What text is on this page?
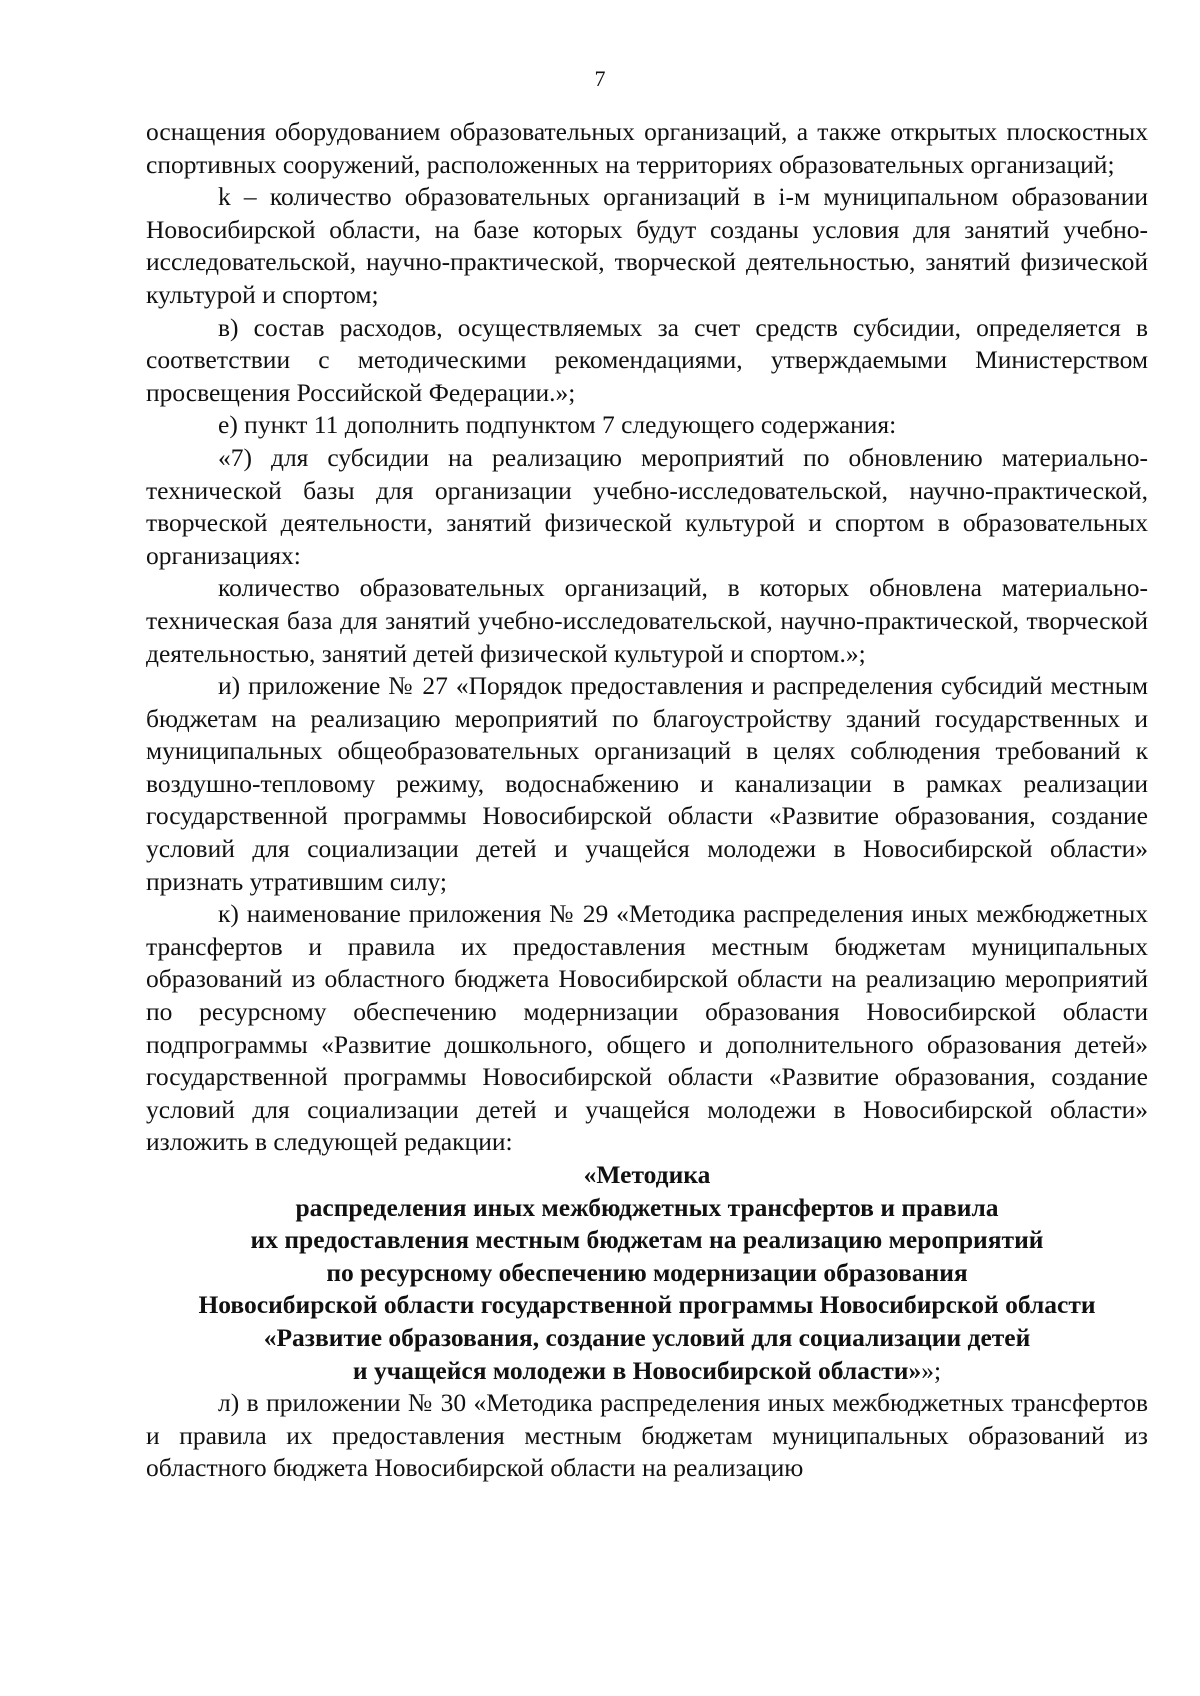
7

оснащения оборудованием образовательных организаций, а также открытых плоскостных спортивных сооружений, расположенных на территориях образовательных организаций;

k – количество образовательных организаций в i-м муниципальном образовании Новосибирской области, на базе которых будут созданы условия для занятий учебно-исследовательской, научно-практической, творческой деятельностью, занятий физической культурой и спортом;

в) состав расходов, осуществляемых за счет средств субсидии, определяется в соответствии с методическими рекомендациями, утверждаемыми Министерством просвещения Российской Федерации.»;

е) пункт 11 дополнить подпунктом 7 следующего содержания:

«7) для субсидии на реализацию мероприятий по обновлению материально-технической базы для организации учебно-исследовательской, научно-практической, творческой деятельности, занятий физической культурой и спортом в образовательных организациях:

количество образовательных организаций, в которых обновлена материально-техническая база для занятий учебно-исследовательской, научно-практической, творческой деятельностью, занятий детей физической культурой и спортом.»;

и) приложение № 27 «Порядок предоставления и распределения субсидий местным бюджетам на реализацию мероприятий по благоустройству зданий государственных и муниципальных общеобразовательных организаций в целях соблюдения требований к воздушно-тепловому режиму, водоснабжению и канализации в рамках реализации государственной программы Новосибирской области «Развитие образования, создание условий для социализации детей и учащейся молодежи в Новосибирской области» признать утратившим силу;

к) наименование приложения № 29 «Методика распределения иных межбюджетных трансфертов и правила их предоставления местным бюджетам муниципальных образований из областного бюджета Новосибирской области на реализацию мероприятий по ресурсному обеспечению модернизации образования Новосибирской области подпрограммы «Развитие дошкольного, общего и дополнительного образования детей» государственной программы Новосибирской области «Развитие образования, создание условий для социализации детей и учащейся молодежи в Новосибирской области» изложить в следующей редакции:

«Методика
распределения иных межбюджетных трансфертов и правила
их предоставления местным бюджетам на реализацию мероприятий
по ресурсному обеспечению модернизации образования
Новосибирской области государственной программы Новосибирской области
«Развитие образования, создание условий для социализации детей
и учащейся молодежи в Новосибирской области»»;

л) в приложении № 30 «Методика распределения иных межбюджетных трансфертов и правила их предоставления местным бюджетам муниципальных образований из областного бюджета Новосибирской области на реализацию
